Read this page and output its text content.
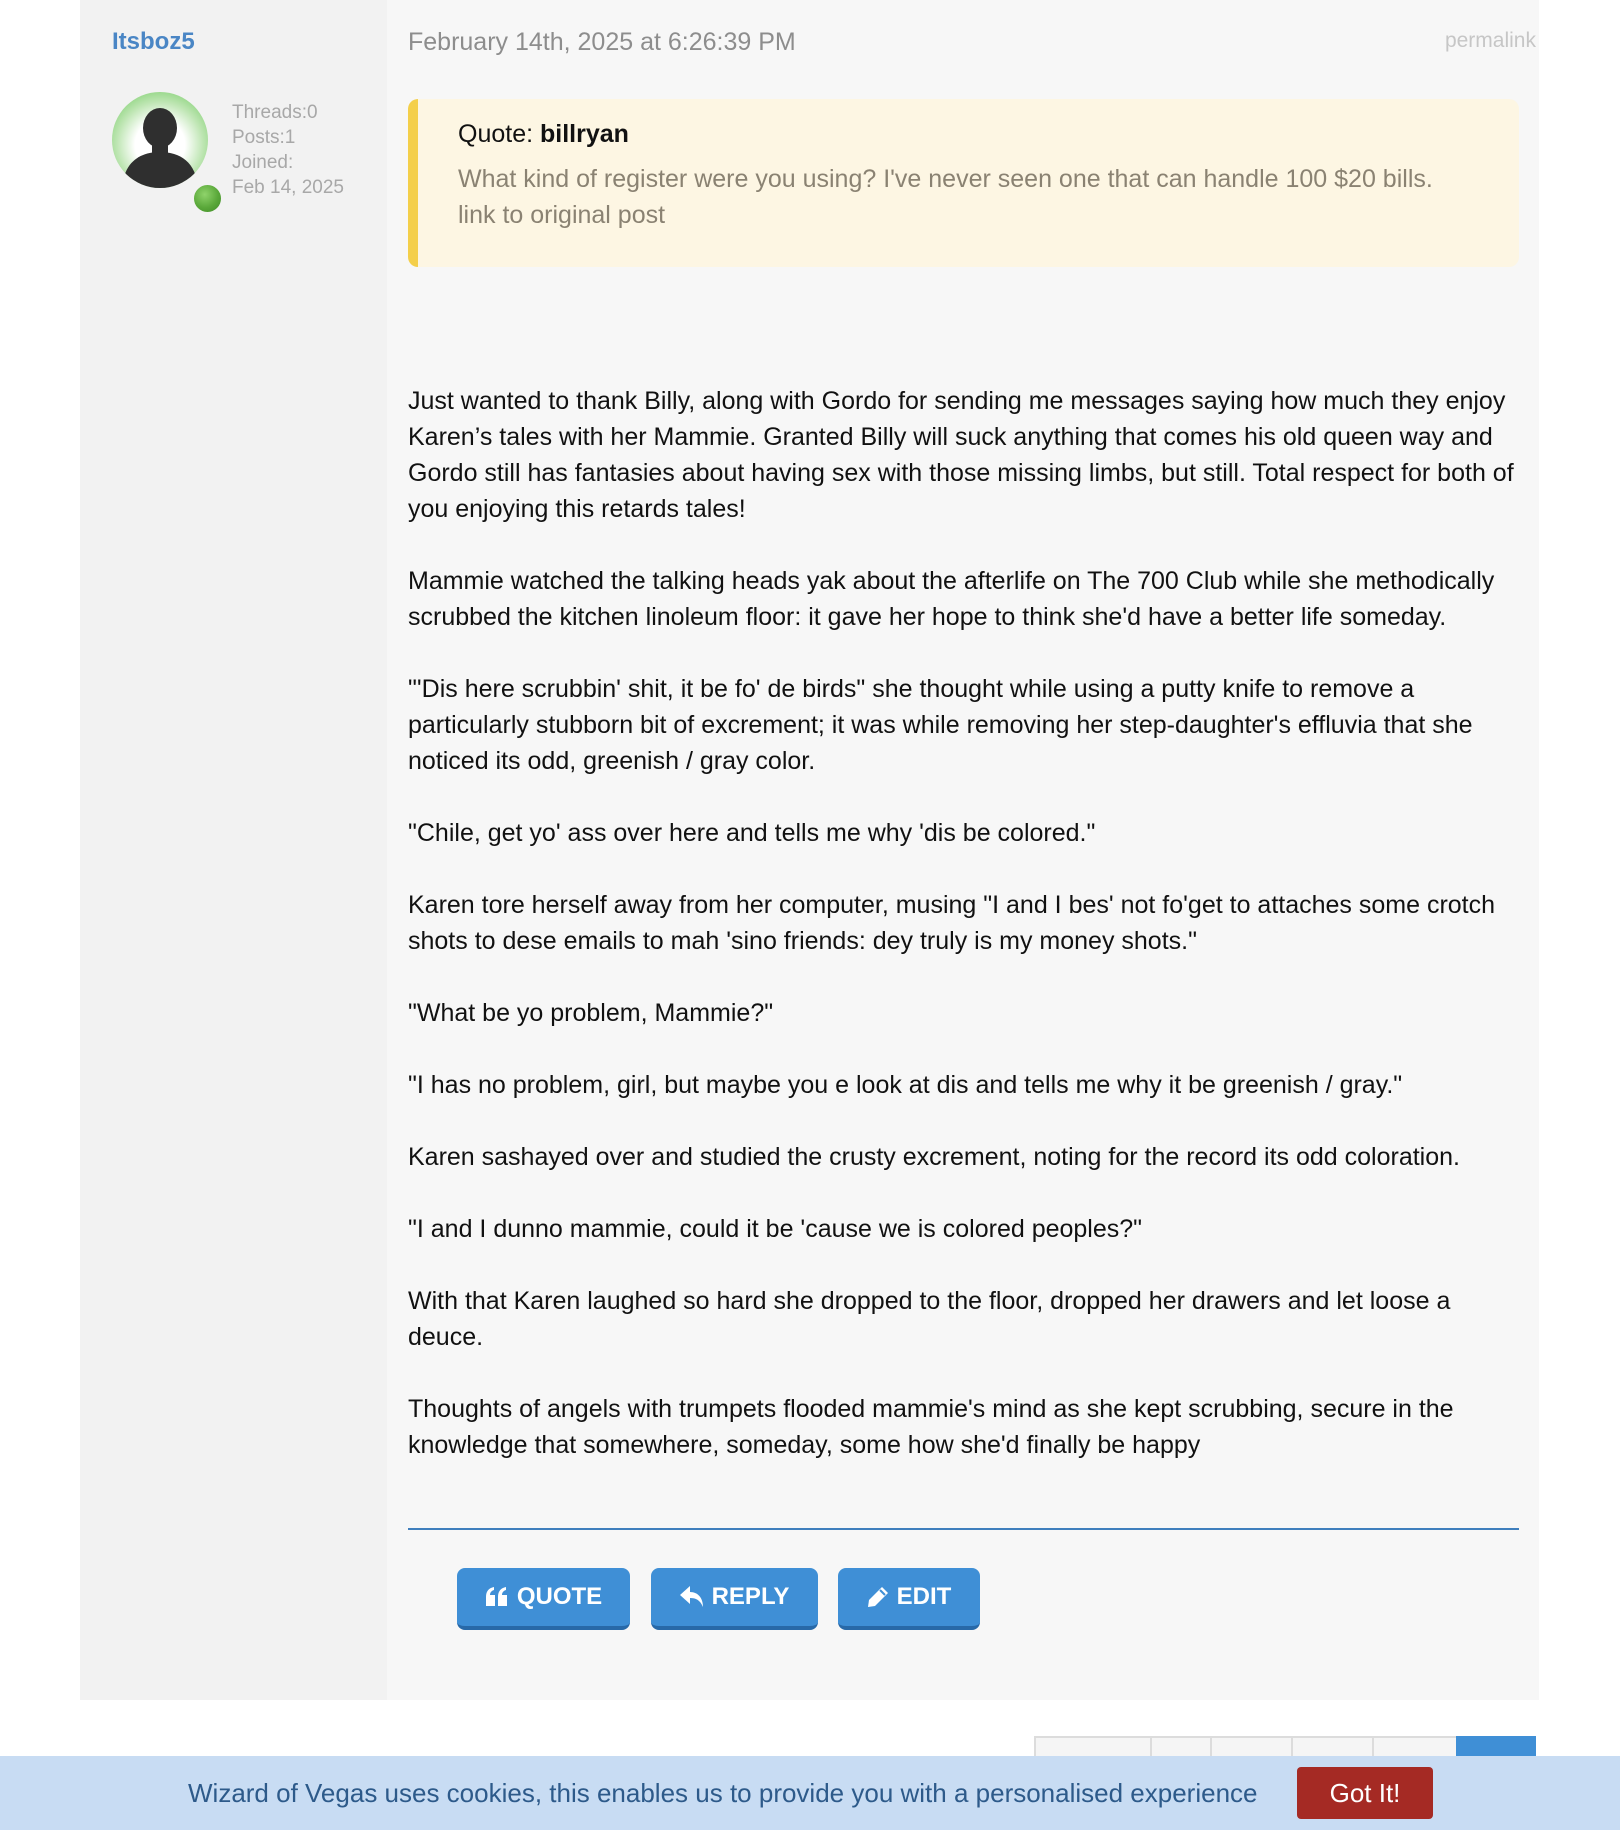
Itsboz5
Threads:0
Posts:1
Joined:
Feb 14, 2025
February 14th, 2025 at 6:26:39 PM	permalink
Quote: billryan
What kind of register were you using? I've never seen one that can handle 100 $20 bills.
link to original post

Just wanted to thank Billy, along with Gordo for sending me messages saying how much they enjoy Karen’s tales with her Mammie. Granted Billy will suck anything that comes his old queen way and Gordo still has fantasies about having sex with those missing limbs, but still. Total respect for both of you enjoying this retards tales!

Mammie watched the talking heads yak about the afterlife on The 700 Club while she methodically scrubbed the kitchen linoleum floor: it gave her hope to think she'd have a better life someday.

"'Dis here scrubbin' shit, it be fo' de birds" she thought while using a putty knife to remove a particularly stubborn bit of excrement; it was while removing her step-daughter's effluvia that she noticed its odd, greenish / gray color.

"Chile, get yo' ass over here and tells me why 'dis be colored."

Karen tore herself away from her computer, musing "I and I bes' not fo'get to attaches some crotch shots to dese emails to mah 'sino friends: dey truly is my money shots."

"What be yo problem, Mammie?"

"I has no problem, girl, but maybe you e look at dis and tells me why it be greenish / gray."

Karen sashayed over and studied the crusty excrement, noting for the record its odd coloration.

"I and I dunno mammie, could it be 'cause we is colored peoples?"

With that Karen laughed so hard she dropped to the floor, dropped her drawers and let loose a deuce.

Thoughts of angels with trumpets flooded mammie's mind as she kept scrubbing, secure in the knowledge that somewhere, someday, some how she'd finally be happy

QUOTE	REPLY	EDIT
Wizard of Vegas uses cookies, this enables us to provide you with a personalised experience	Got It!
